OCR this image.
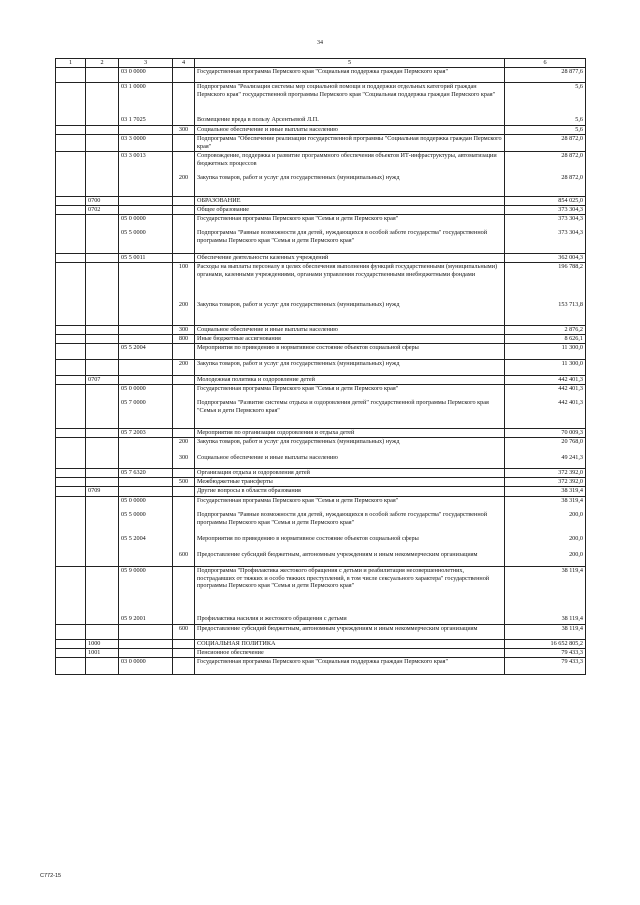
34
1	2	3	4	5	6
		03 0 0000		Государственная программа Пермского края "Социальная поддержка граждан Пермского края"	28 877,6
		03 1 0000		Подпрограмма "Реализация системы мер социальной помощи и поддержки отдельных категорий граждан Пермского края" государственной программы Пермского края "Социальная поддержка граждан Пермского края"	5,6
		03 1 7025		Возмещение вреда в пользу Арсентьевой Л.П.	5,6
			300	Социальное обеспечение и иные выплаты населению	5,6
		03 3 0000		Подпрограмма "Обеспечение реализации государственной программы "Социальная поддержка граждан Пермского края"	28 872,0
		03 3 0013		Сопровождение, поддержка и развитие программного обеспечения объектов ИТ-инфраструктуры, автоматизации бюджетных процессов	28 872,0
			200	Закупка товаров, работ и услуг для государственных (муниципальных) нужд	28 872,0
	0700			ОБРАЗОВАНИЕ	854 025,0
	0702			Общее образование	373 304,3
		05 0 0000		Государственная программа Пермского края "Семья и дети Пермского края"	373 304,3
		05 5 0000		Подпрограмма "Равные возможности для детей, нуждающихся в особой заботе государства" государственной программы Пермского края "Семья и дети Пермского края"	373 304,3
		05 5 0011		Обеспечение деятельности казенных учреждений	362 004,3
			100	Расходы на выплаты персоналу в целях обеспечения выполнения функций государственными (муниципальными) органами, казенными учреждениями, органами управления государственными внебюджетными фондами	196 788,2
			200	Закупка товаров, работ и услуг для государственных (муниципальных) нужд	153 713,8
			300	Социальное обеспечение и иные выплаты населению	2 876,2
			800	Иные бюджетные ассигнования	8 626,1
		05 5 2004		Мероприятия по приведению в нормативное состояние объектов социальной сферы	11 300,0
			200	Закупка товаров, работ и услуг для государственных (муниципальных) нужд	11 300,0
	0707			Молодежная политика и оздоровление детей	442 401,3
		05 0 0000		Государственная программа Пермского края "Семья и дети Пермского края"	442 401,3
		05 7 0000		Подпрограмма "Развитие системы отдыха и оздоровления детей" государственной программы Пермского края "Семья и дети Пермского края"	442 401,3
		05 7 2003		Мероприятия по организации оздоровления и отдыха детей	70 009,3
			200	Закупка товаров, работ и услуг для государственных (муниципальных) нужд	20 768,0
			300	Социальное обеспечение и иные выплаты населению	49 241,3
		05 7 6320		Организация отдыха и оздоровления детей	372 392,0
			500	Межбюджетные трансферты	372 392,0
	0709			Другие вопросы в области образования	38 319,4
		05 0 0000		Государственная программа Пермского края "Семья и дети Пермского края"	38 319,4
		05 5 0000		Подпрограмма "Равные возможности для детей, нуждающихся в особой заботе государства" государственной программы Пермского края "Семья и дети Пермского края"	200,0
		05 5 2004		Мероприятия по приведению в нормативное состояние объектов социальной сферы	200,0
			600	Предоставление субсидий бюджетным, автономным учреждениям и иным некоммерческим организациям	200,0
		05 9 0000		Подпрограмма "Профилактика жестокого обращения с детьми и реабилитация несовершеннолетних, пострадавших от тяжких и особо тяжких преступлений, в том числе сексуального характера" государственной программы Пермского края "Семья и дети Пермского края"	38 119,4
		05 9 2001		Профилактика насилия и жестокого обращения с детьми	38 119,4
			600	Предоставление субсидий бюджетным, автономным учреждениям и иным некоммерческим организациям	38 119,4
	1000			СОЦИАЛЬНАЯ ПОЛИТИКА	16 652 805,2
	1001			Пенсионное обеспечение	79 433,3
		03 0 0000		Государственная программа Пермского края "Социальная поддержка граждан Пермского края"	79 433,3
С772-15
